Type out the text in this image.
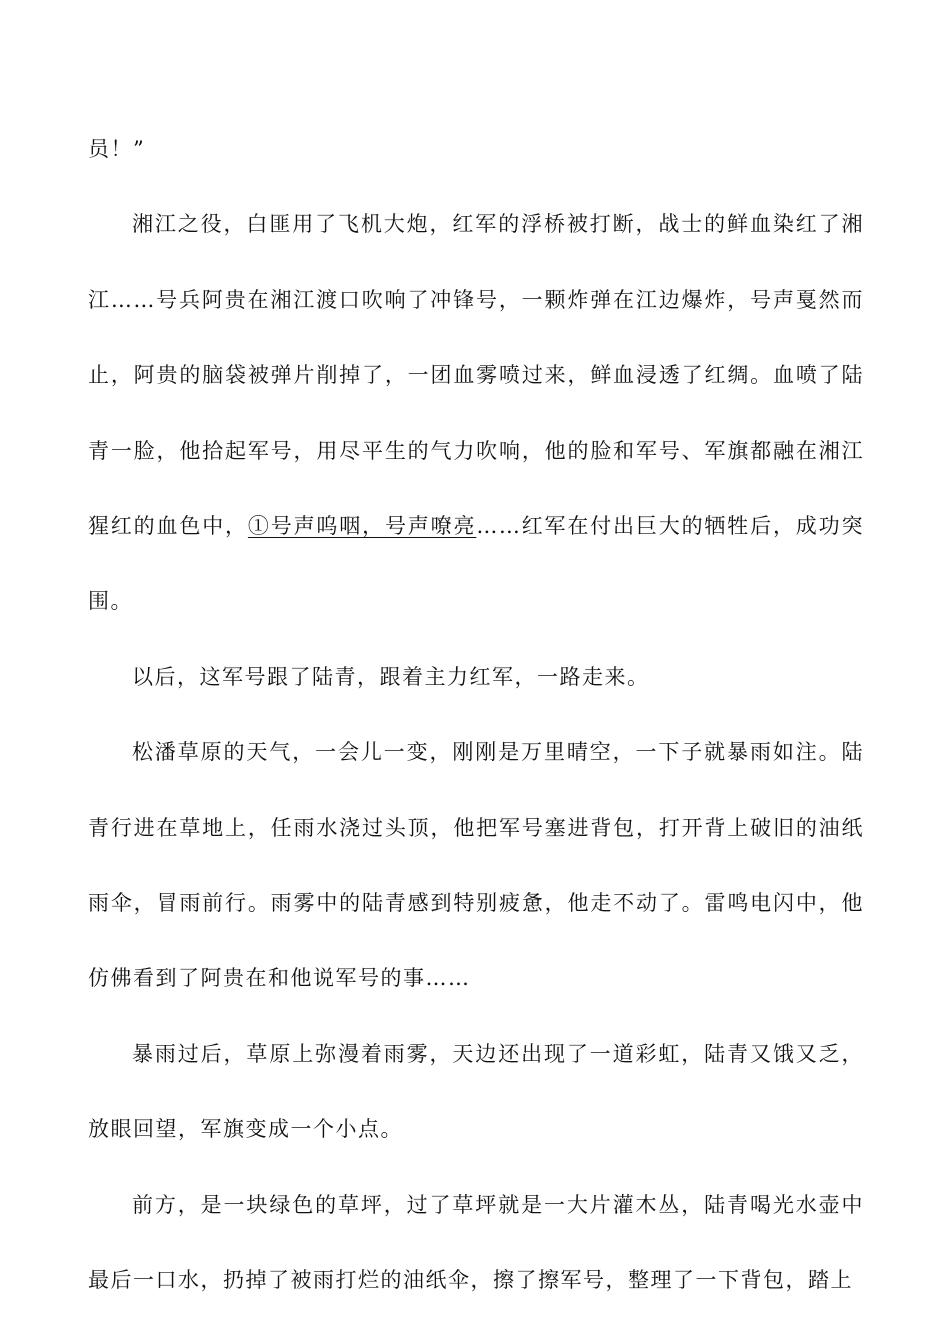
员！”

湘江之役，白匪用了飞机大炮，红军的浮桥被打断，战士的鲜血染红了湘江……号兵阿贵在湘江渡口吹响了冲锋号，一颗炸弹在江边爆炸，号声戛然而止，阿贵的脑袋被弹片削掉了，一团血雾喷过来，鲜血浸透了红绸。血喷了陆青一脸，他拾起军号，用尽平生的气力吹响，他的脸和军号、军旗都融在湘江猩红的血色中，①号声呜咽，号声嘹亮……红军在付出巨大的牺牲后，成功突围。

以后，这军号跟了陆青，跟着主力红军，一路走来。

松潘草原的天气，一会儿一变，刚刚是万里晴空，一下子就暴雨如注。陆青行进在草地上，任雨水浇过头顶，他把军号塞进背包，打开背上破旧的油纸雨伞，冒雨前行。雨雾中的陆青感到特别疲惫，他走不动了。雷鸣电闪中，他仿佛看到了阿贵在和他说军号的事……

暴雨过后，草原上弥漫着雨雾，天边还出现了一道彩虹，陆青又饿又乏，放眼回望，军旗变成一个小点。

前方，是一块绿色的草坪，过了草坪就是一大片灌木丛，陆青喝光水壶中最后一口水，扔掉了被雨打烂的油纸伞，擦了擦军号，整理了一下背包，踏上
